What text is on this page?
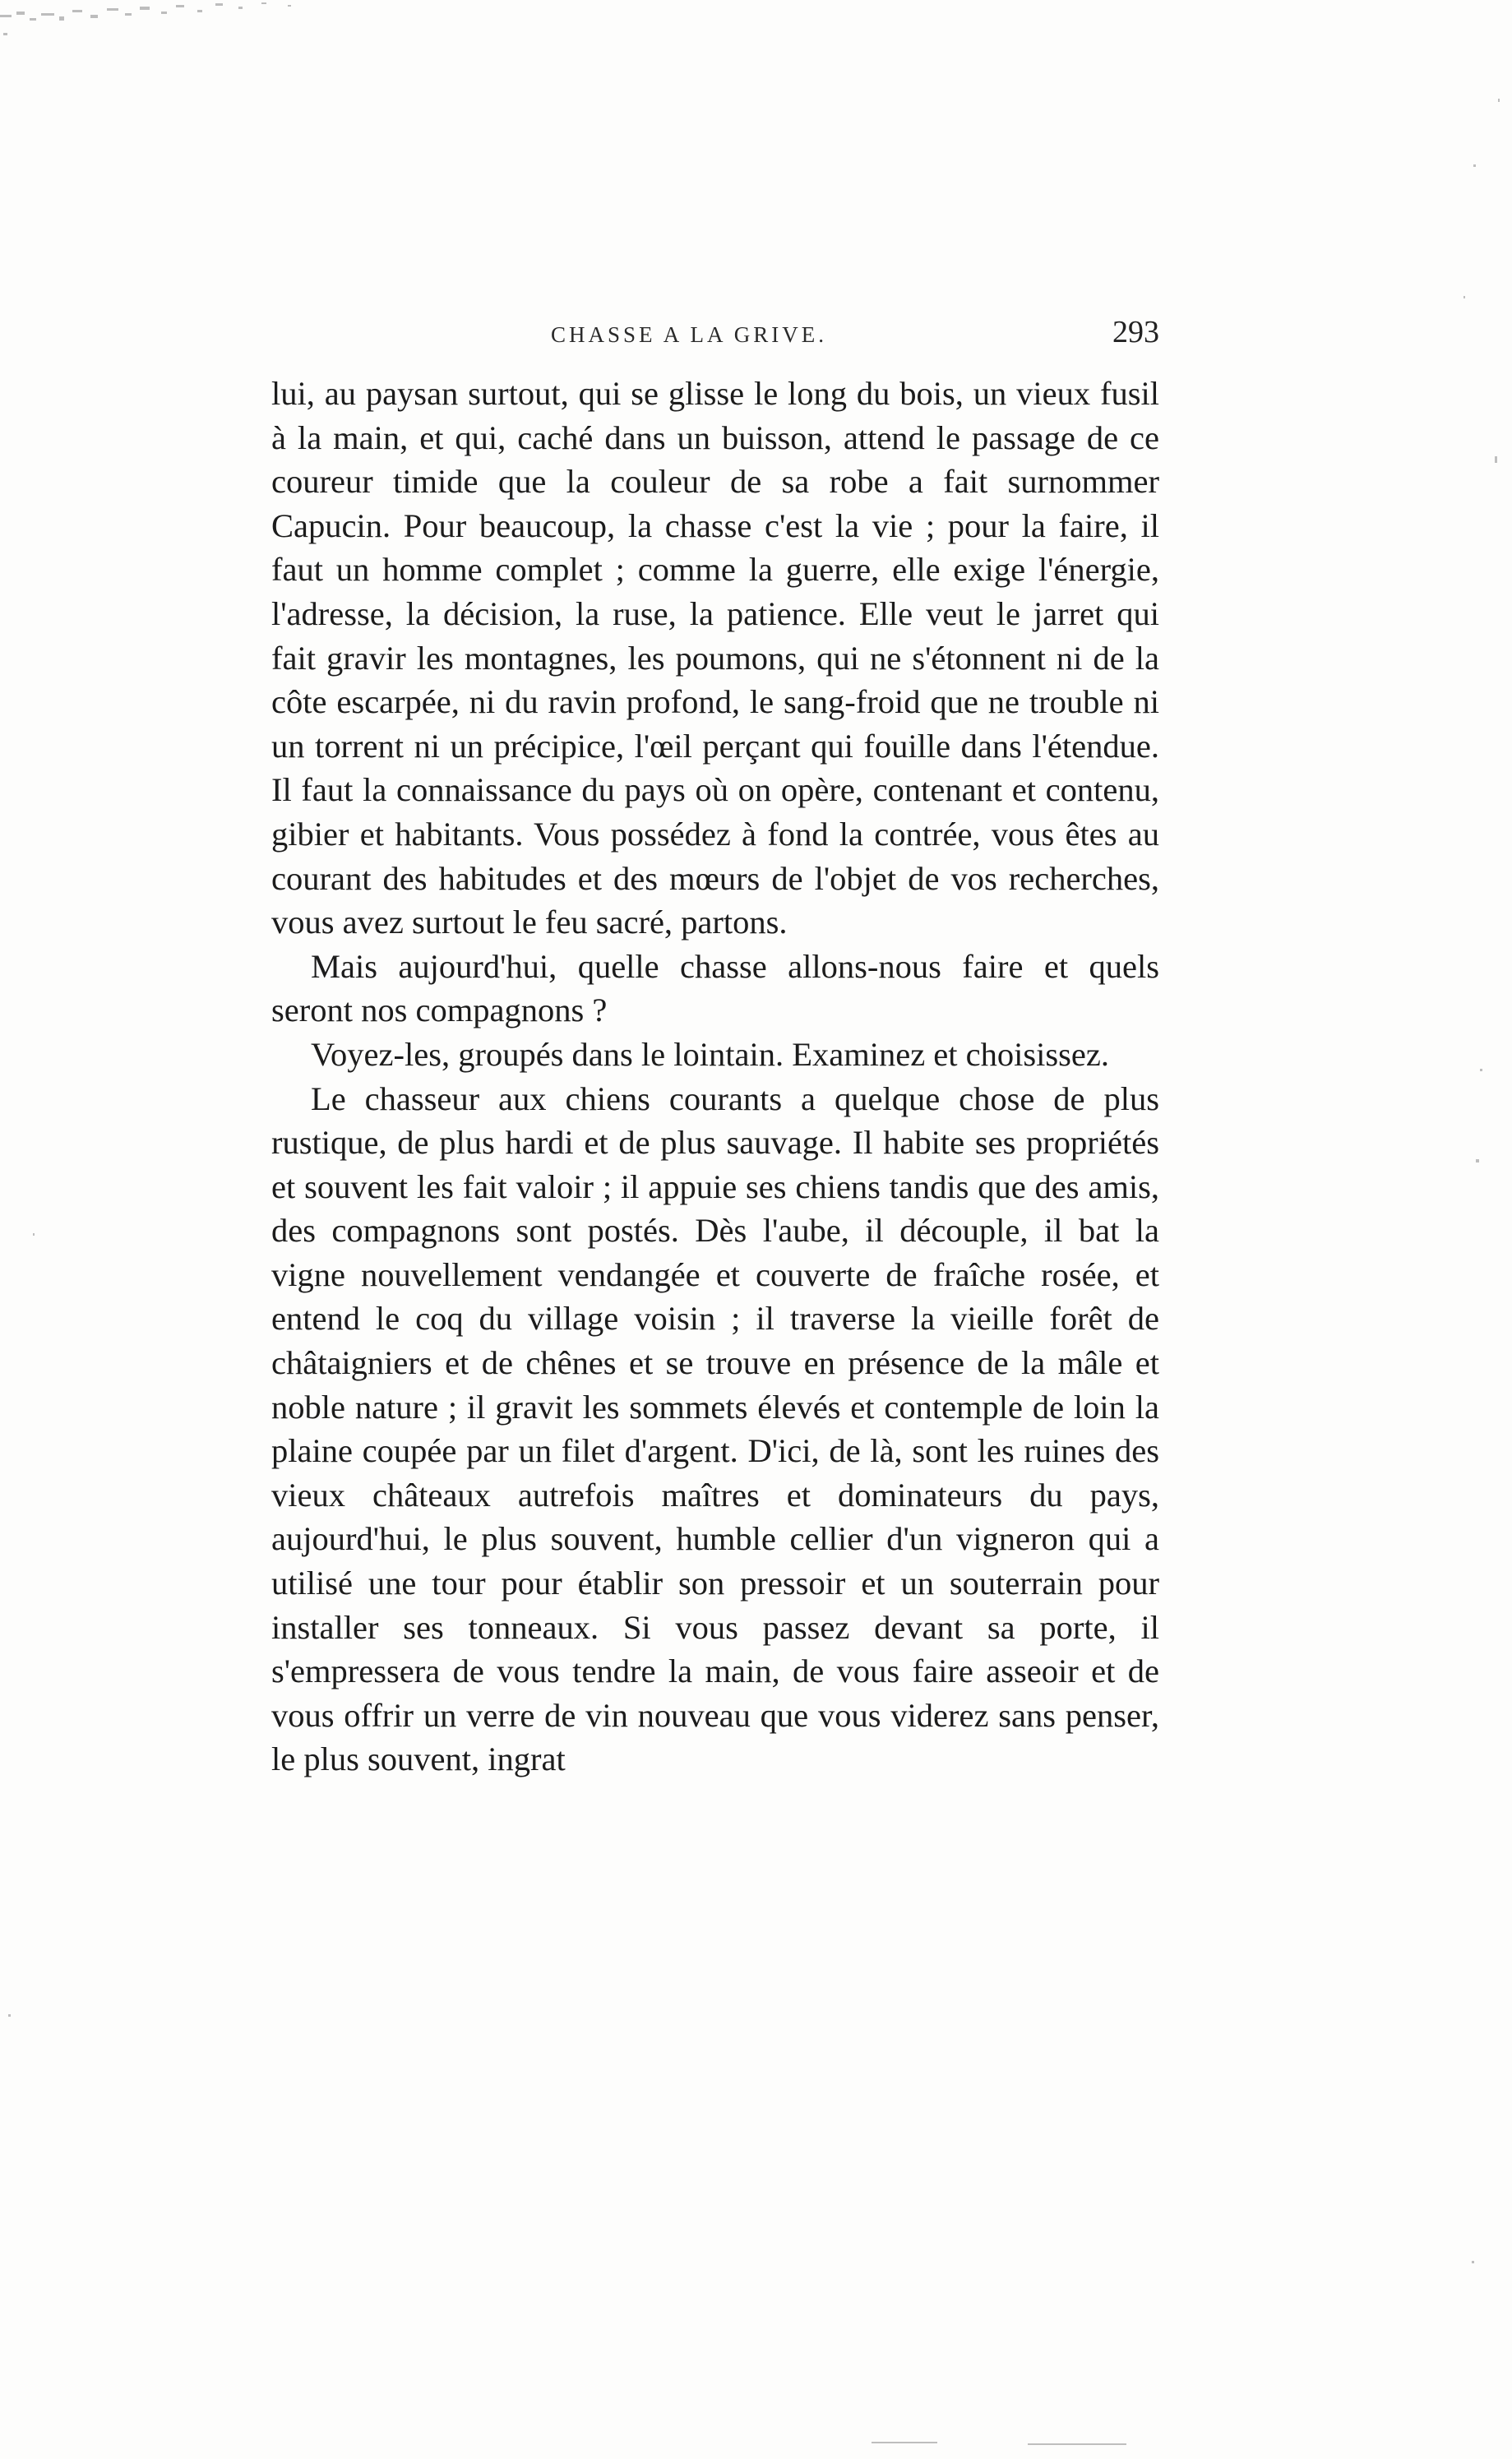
CHASSE A LA GRIVE.	293

lui, au paysan surtout, qui se glisse le long du bois, un vieux fusil à la main, et qui, caché dans un buisson, attend le passage de ce coureur timide que la couleur de sa robe a fait surnommer Capucin. Pour beaucoup, la chasse c'est la vie ; pour la faire, il faut un homme complet ; comme la guerre, elle exige l'énergie, l'adresse, la décision, la ruse, la patience. Elle veut le jarret qui fait gravir les montagnes, les poumons, qui ne s'étonnent ni de la côte escarpée, ni du ravin profond, le sang-froid que ne trouble ni un torrent ni un précipice, l'œil perçant qui fouille dans l'étendue. Il faut la connaissance du pays où on opère, contenant et contenu, gibier et habitants. Vous possédez à fond la contrée, vous êtes au courant des habitudes et des mœurs de l'objet de vos recherches, vous avez surtout le feu sacré, partons.

Mais aujourd'hui, quelle chasse allons-nous faire et quels seront nos compagnons ?

Voyez-les, groupés dans le lointain. Examinez et choisissez.

Le chasseur aux chiens courants a quelque chose de plus rustique, de plus hardi et de plus sauvage. Il habite ses propriétés et souvent les fait valoir ; il appuie ses chiens tandis que des amis, des compagnons sont postés. Dès l'aube, il découple, il bat la vigne nouvellement vendangée et couverte de fraîche rosée, et entend le coq du village voisin ; il traverse la vieille forêt de châtaigniers et de chênes et se trouve en présence de la mâle et noble nature ; il gravit les sommets élevés et contemple de loin la plaine coupée par un filet d'argent. D'ici, de là, sont les ruines des vieux châteaux autrefois maîtres et dominateurs du pays, aujourd'hui, le plus souvent, humble cellier d'un vigneron qui a utilisé une tour pour établir son pressoir et un souterrain pour installer ses tonneaux. Si vous passez devant sa porte, il s'empressera de vous tendre la main, de vous faire asseoir et de vous offrir un verre de vin nouveau que vous viderez sans penser, le plus souvent, ingrat
